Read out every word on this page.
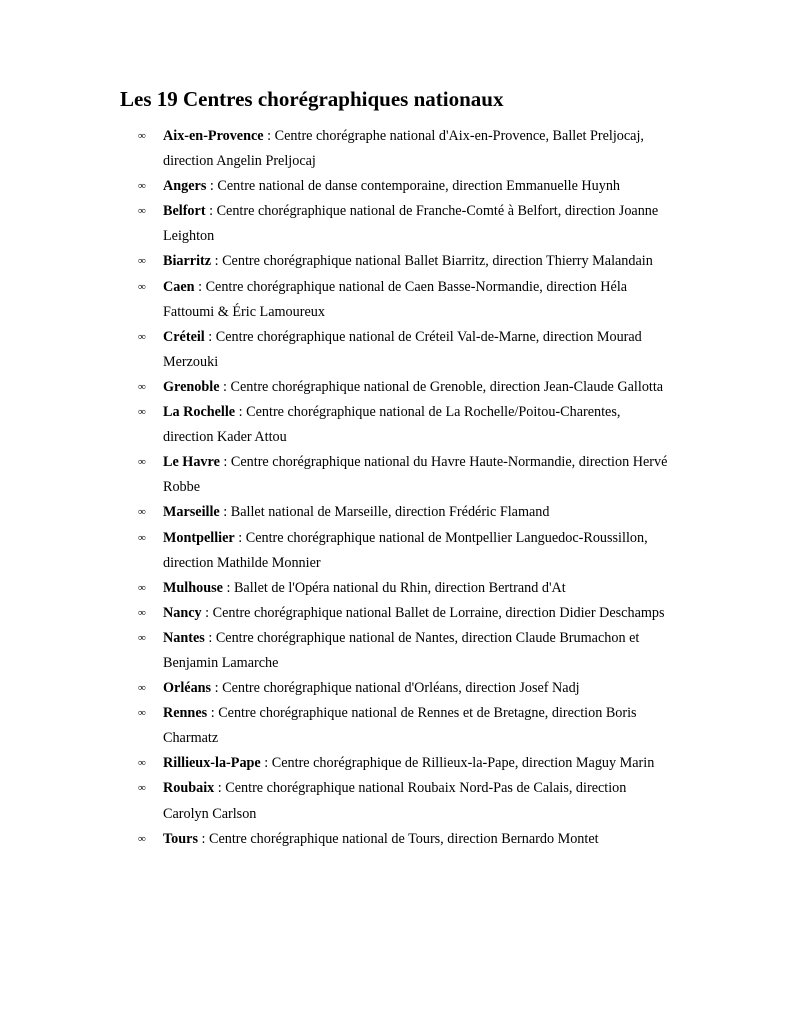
Les 19 Centres chorégraphiques nationaux
∞ Aix-en-Provence : Centre chorégraphe national d'Aix-en-Provence, Ballet Preljocaj, direction Angelin Preljocaj
∞ Angers : Centre national de danse contemporaine, direction Emmanuelle Huynh
∞ Belfort : Centre chorégraphique national de Franche-Comté à Belfort, direction Joanne Leighton
∞ Biarritz : Centre chorégraphique national Ballet Biarritz, direction Thierry Malandain
∞ Caen : Centre chorégraphique national de Caen Basse-Normandie, direction Héla Fattoumi & Éric Lamoureux
∞ Créteil : Centre chorégraphique national de Créteil Val-de-Marne, direction Mourad Merzouki
∞ Grenoble : Centre chorégraphique national de Grenoble, direction Jean-Claude Gallotta
∞ La Rochelle : Centre chorégraphique national de La Rochelle/Poitou-Charentes, direction Kader Attou
∞ Le Havre : Centre chorégraphique national du Havre Haute-Normandie, direction Hervé Robbe
∞ Marseille : Ballet national de Marseille, direction Frédéric Flamand
∞ Montpellier : Centre chorégraphique national de Montpellier Languedoc-Roussillon, direction Mathilde Monnier
∞ Mulhouse : Ballet de l'Opéra national du Rhin, direction Bertrand d'At
∞ Nancy : Centre chorégraphique national Ballet de Lorraine, direction Didier Deschamps
∞ Nantes : Centre chorégraphique national de Nantes, direction Claude Brumachon et Benjamin Lamarche
∞ Orléans : Centre chorégraphique national d'Orléans, direction Josef Nadj
∞ Rennes : Centre chorégraphique national de Rennes et de Bretagne, direction Boris Charmatz
∞ Rillieux-la-Pape : Centre chorégraphique de Rillieux-la-Pape, direction Maguy Marin
∞ Roubaix : Centre chorégraphique national Roubaix Nord-Pas de Calais, direction Carolyn Carlson
∞ Tours : Centre chorégraphique national de Tours, direction Bernardo Montet
